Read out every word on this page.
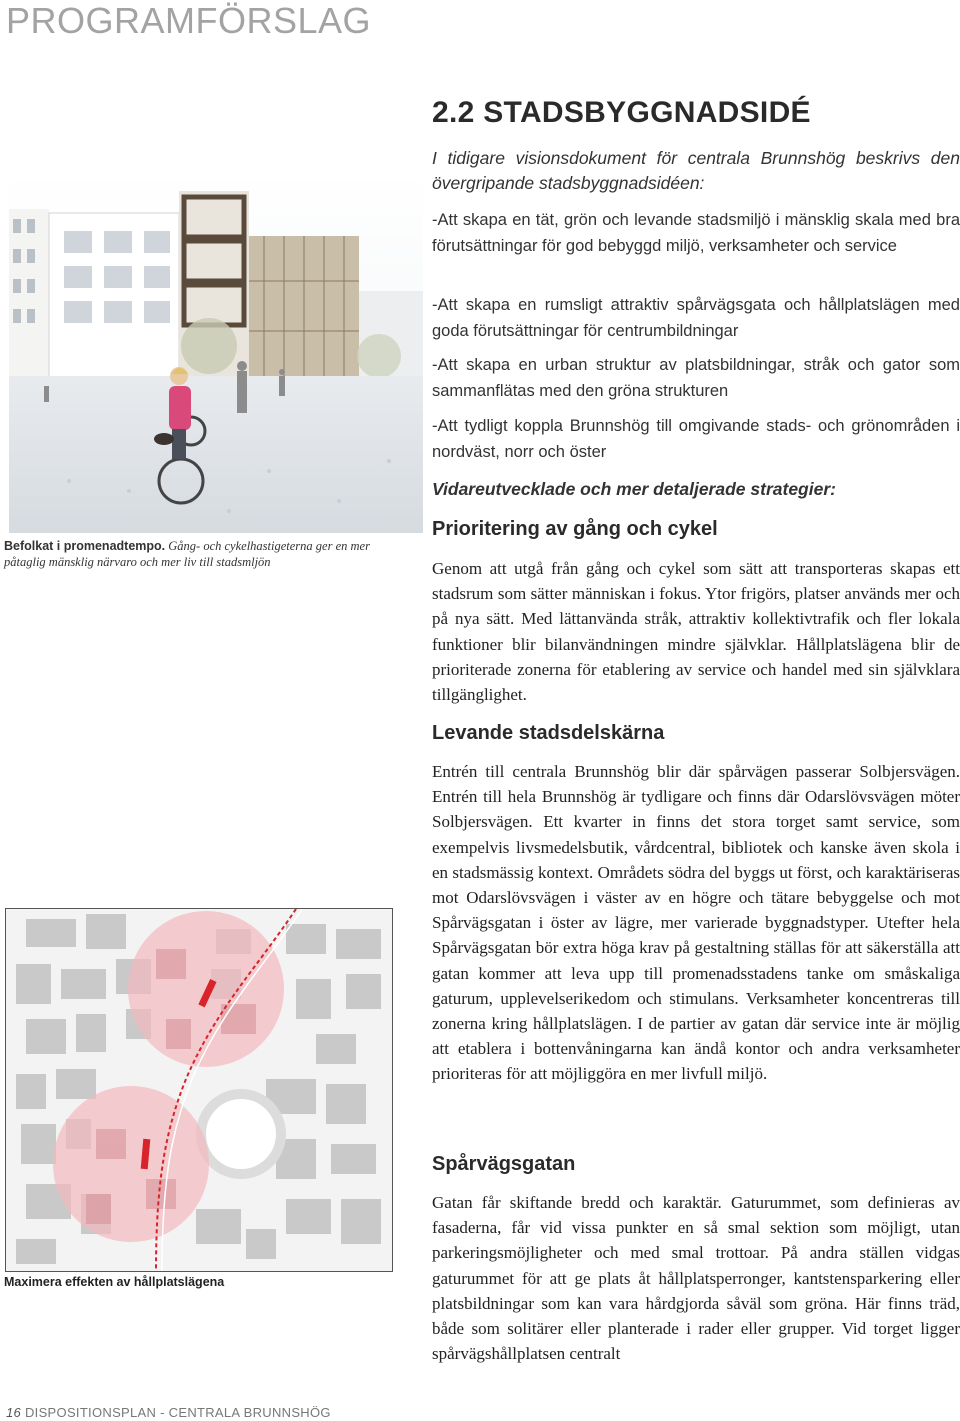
PROGRAMFÖRSLAG
Befolkat i promenadtempo. Gång- och cykelhastigeterna ger en mer påtaglig mänsklig närvaro och mer liv till stadsmljön
Maximera effekten av hållplatslägena
2.2 STADSBYGGNADSIDÉ
I tidigare visionsdokument för centrala Brunnshög beskrivs den övergripande stadsbyggnadsidéen:
-Att skapa en tät, grön och levande stadsmiljö i mänsklig skala med bra förutsättningar för god bebyggd miljö, verksamheter och service
-Att skapa en rumsligt attraktiv spårvägsgata och hållplatslägen med goda förutsättningar för centrumbildningar
-Att skapa en urban struktur av platsbildningar, stråk och gator som sammanflätas med den gröna strukturen
-Att tydligt koppla Brunnshög till omgivande stads- och grönområden i nordväst, norr och öster
Vidareutvecklade och mer detaljerade strategier:
Prioritering av gång och cykel
Genom att utgå från gång och cykel som sätt att transporteras skapas ett stadsrum som sätter människan i fokus. Ytor frigörs, platser används mer och på nya sätt. Med lättanvända stråk, attraktiv kollektivtrafik och fler lokala funktioner blir bilanvändningen mindre självklar. Hållplatslägena blir de prioriterade zonerna för etablering av service och handel med sin självklara tillgänglighet.
Levande stadsdelskärna
Entrén till centrala Brunnshög blir där spårvägen passerar Solbjersvägen. Entrén till hela Brunnshög är tydligare och finns där Odarslövsvägen möter Solbjersvägen. Ett kvarter in finns det stora torget samt service, som exempelvis livsmedelsbutik, vårdcentral, bibliotek och kanske även skola i en stadsmässig kontext. Områdets södra del byggs ut först, och karaktäriseras mot Odarslövsvägen i väster av en högre och tätare bebyggelse och mot Spårvägsgatan i öster av lägre, mer varierade byggnadstyper. Utefter hela Spårvägsgatan bör extra höga krav på gestaltning ställas för att säkerställa att gatan kommer att leva upp till promenadsstadens tanke om småskaliga gaturum, upplevelserikedom och stimulans. Verksamheter koncentreras till zonerna kring hållplatslägen. I de partier av gatan där service inte är möjlig att etablera i bottenvåningarna kan ändå kontor och andra verksamheter prioriteras för att möjliggöra en mer livfull miljö.
Spårvägsgatan
Gatan får skiftande bredd och karaktär. Gaturummet, som definieras av fasaderna, får vid vissa punkter en så smal sektion som möjligt, utan parkeringsmöjligheter och med smal trottoar. På andra ställen vidgas gaturummet för att ge plats åt hållplatsperronger, kantstensparkering eller platsbildningar som kan vara hårdgjorda såväl som gröna. Här finns träd, både som solitärer eller planterade i rader eller grupper. Vid torget ligger spårvägshållplatsen centralt
16 DISPOSITIONSPLAN - CENTRALA BRUNNSHÖG
